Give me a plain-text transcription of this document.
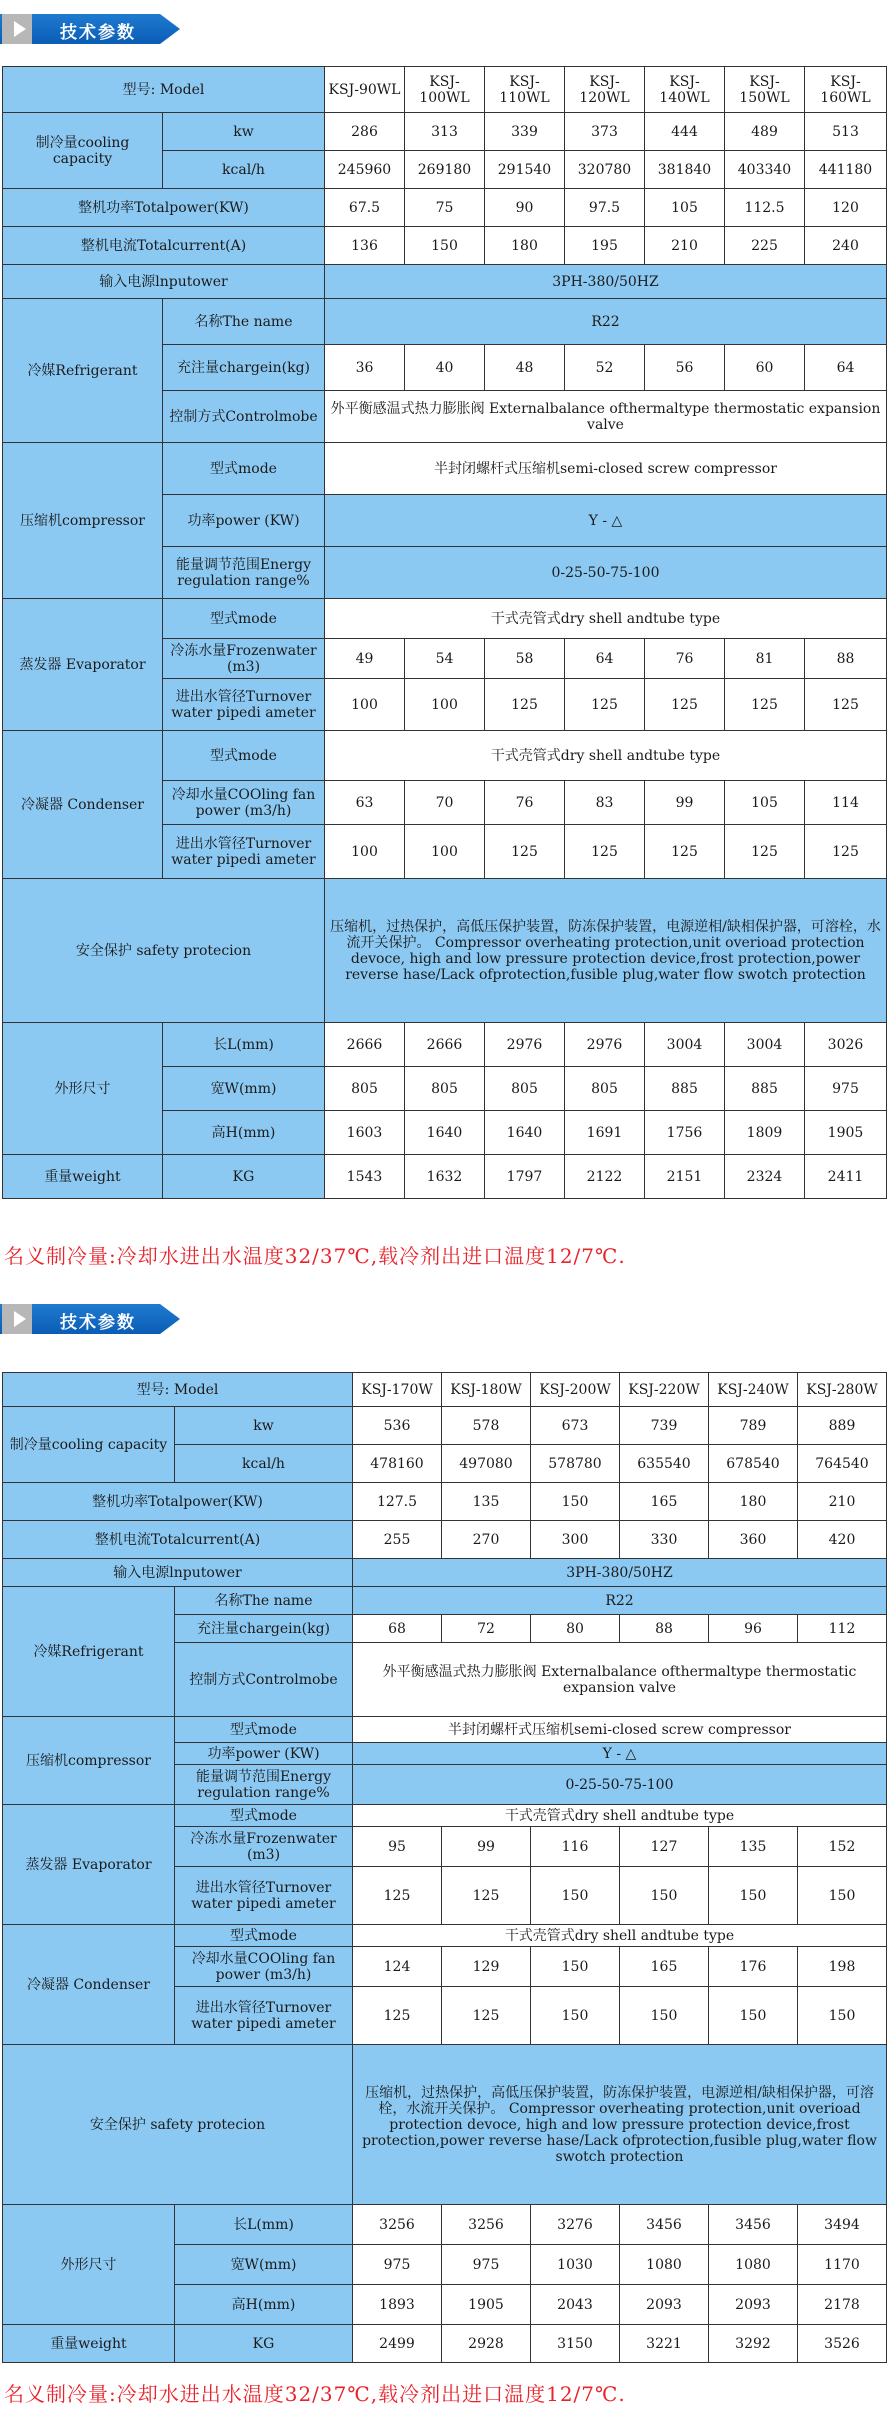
技术参数
型号: Model		KSJ-90WL	KSJ-100WL	KSJ-110WL	KSJ-120WL	KSJ-140WL	KSJ-150WL	KSJ-160WL
制冷量cooling capacity	kw	286	313	339	373	444	489	513
	kcal/h	245960	269180	291540	320780	381840	403340	441180
整机功率Totalpower(KW)		67.5	75	90	97.5	105	112.5	120
整机电流Totalcurrent(A)		136	150	180	195	210	225	240
输入电源lnputower		3PH-380/50HZ						
冷媒Refrigerant	名称The name	R22						
	充注量chargein(kg)	36	40	48	52	56	60	64
	控制方式Controlmobe	外平衡感温式热力膨胀阀 Externalbalance ofthermaltype thermostatic expansion valve						
压缩机compressor	型式mode	半封闭螺杆式压缩机semi-closed screw compressor						
	功率power (KW)	Y - △						
	能量调节范围Energy regulation range%	0-25-50-75-100						
蒸发器 Evaporator	型式mode	干式壳管式dry shell andtube type						
	冷冻水量Frozenwater (m3)	49	54	58	64	76	81	88
	进出水管径Turnover water pipedi ameter	100	100	125	125	125	125	125
冷凝器 Condenser	型式mode	干式壳管式dry shell andtube type						
	冷却水量COOling fan power (m3/h)	63	70	76	83	99	105	114
	进出水管径Turnover water pipedi ameter	100	100	125	125	125	125	125
安全保护 safety protecion		压缩机，过热保护，高低压保护装置，防冻保护装置，电源逆相/缺相保护器，可溶栓，水流开关保护。 Compressor overheating protection,unit overioad protection devoce, high and low pressure protection device,frost protection,power reverse hase/Lack ofprotection,fusible plug,water flow swotch protection						
外形尺寸	长L(mm)	2666	2666	2976	2976	3004	3004	3026
	宽W(mm)	805	805	805	805	885	885	975
	高H(mm)	1603	1640	1640	1691	1756	1809	1905
重量weight	KG	1543	1632	1797	2122	2151	2324	2411
名义制冷量:冷却水进出水温度32/37℃,载冷剂出进口温度12/7℃.
技术参数
型号: Model		KSJ-170W	KSJ-180W	KSJ-200W	KSJ-220W	KSJ-240W	KSJ-280W
制冷量cooling capacity	kw	536	578	673	739	789	889
	kcal/h	478160	497080	578780	635540	678540	764540
整机功率Totalpower(KW)		127.5	135	150	165	180	210
整机电流Totalcurrent(A)		255	270	300	330	360	420
输入电源lnputower		3PH-380/50HZ					
冷媒Refrigerant	名称The name	R22					
	充注量chargein(kg)	68	72	80	88	96	112
	控制方式Controlmobe	外平衡感温式热力膨胀阀 Externalbalance ofthermaltype thermostatic expansion valve					
压缩机compressor	型式mode	半封闭螺杆式压缩机semi-closed screw compressor					
	功率power (KW)	Y - △					
	能量调节范围Energy regulation range%	0-25-50-75-100					
蒸发器 Evaporator	型式mode	干式壳管式dry shell andtube type					
	冷冻水量Frozenwater (m3)	95	99	116	127	135	152
	进出水管径Turnover water pipedi ameter	125	125	150	150	150	150
冷凝器 Condenser	型式mode	干式壳管式dry shell andtube type					
	冷却水量COOling fan power (m3/h)	124	129	150	165	176	198
	进出水管径Turnover water pipedi ameter	125	125	150	150	150	150
安全保护 safety protecion		压缩机，过热保护，高低压保护装置，防冻保护装置，电源逆相/缺相保护器，可溶栓，水流开关保护。 Compressor overheating protection,unit overioad protection devoce, high and low pressure protection device,frost protection,power reverse hase/Lack ofprotection,fusible plug,water flow swotch protection					
外形尺寸	长L(mm)	3256	3256	3276	3456	3456	3494
	宽W(mm)	975	975	1030	1080	1080	1170
	高H(mm)	1893	1905	2043	2093	2093	2178
重量weight	KG	2499	2928	3150	3221	3292	3526
名义制冷量:冷却水进出水温度32/37℃,载冷剂出进口温度12/7℃.
